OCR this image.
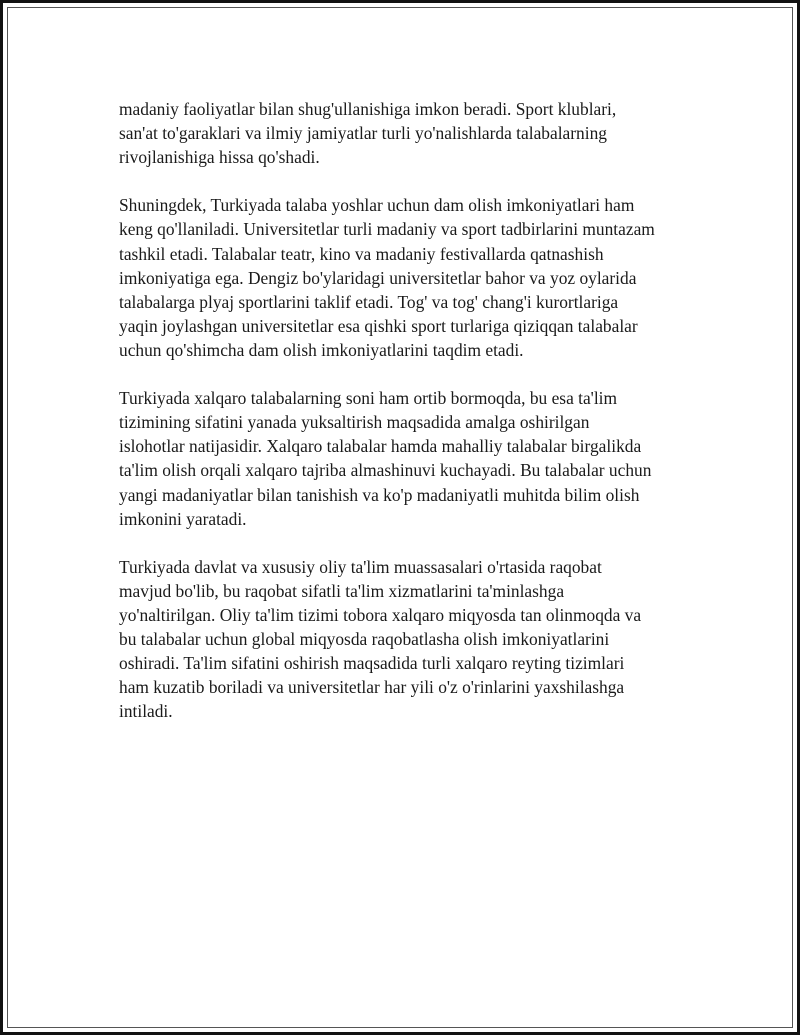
madaniy faoliyatlar bilan shug'ullanishiga imkon beradi. Sport klublari,
san'at to'garaklari va ilmiy jamiyatlar turli yo'nalishlarda talabalarning
rivojlanishiga hissa qo'shadi.

Shuningdek, Turkiyada talaba yoshlar uchun dam olish imkoniyatlari ham
keng qo'llaniladi. Universitetlar turli madaniy va sport tadbirlarini muntazam
tashkil etadi. Talabalar teatr, kino va madaniy festivallarda qatnashish
imkoniyatiga ega. Dengiz bo'ylaridagi universitetlar bahor va yoz oylarida
talabalarga plyaj sportlarini taklif etadi. Tog' va tog' chang'i kurortlariga
yaqin joylashgan universitetlar esa qishki sport turlariga qiziqqan talabalar
uchun qo'shimcha dam olish imkoniyatlarini taqdim etadi.

Turkiyada xalqaro talabalarning soni ham ortib bormoqda, bu esa ta'lim
tizimining sifatini yanada yuksaltirish maqsadida amalga oshirilgan
islohotlar natijasidir. Xalqaro talabalar hamda mahalliy talabalar birgalikda
ta'lim olish orqali xalqaro tajriba almashinuvi kuchayadi. Bu talabalar uchun
yangi madaniyatlar bilan tanishish va ko'p madaniyatli muhitda bilim olish
imkonini yaratadi.

Turkiyada davlat va xususiy oliy ta'lim muassasalari o'rtasida raqobat
mavjud bo'lib, bu raqobat sifatli ta'lim xizmatlarini ta'minlashga
yo'naltirilgan. Oliy ta'lim tizimi tobora xalqaro miqyosda tan olinmoqda va
bu talabalar uchun global miqyosda raqobatlasha olish imkoniyatlarini
oshiradi. Ta'lim sifatini oshirish maqsadida turli xalqaro reyting tizimlari
ham kuzatib boriladi va universitetlar har yili o'z o'rinlarini yaxshilashga
intiladi.
